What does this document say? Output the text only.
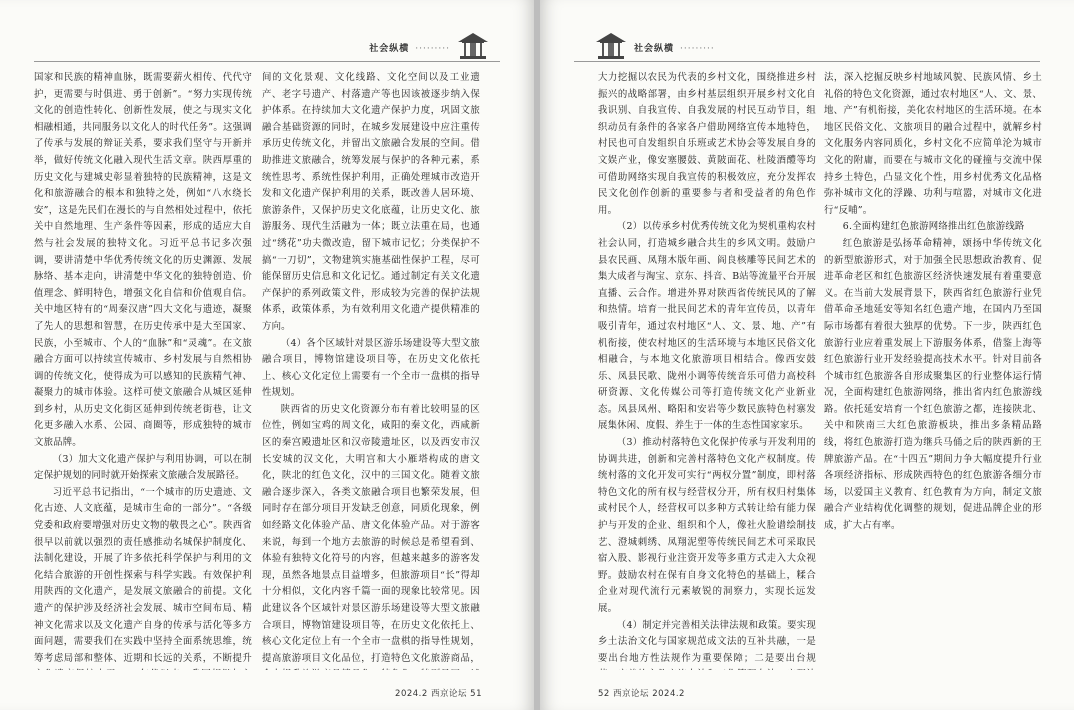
社会纵横 ·········

国家和民族的精神血脉，既需要薪火相传、代代守护，更需要与时俱进、勇于创新”。“努力实现传统文化的创造性转化、创新性发展，使之与现实文化相融相通，共同服务以文化人的时代任务”。这强调了传承与发展的辩证关系，要求我们坚守与开新并举，做好传统文化融入现代生活文章。陕西厚重的历史文化与建城史彰显着独特的民族精神，这是文化和旅游融合的根本和独特之处，例如“八水绕长安”，这是先民们在漫长的与自然相处过程中，依托关中自然地理、生产条件等因素，形成的适应大自然与社会发展的独特文化。习近平总书记多次强调，要讲清楚中华优秀传统文化的历史渊源、发展脉络、基本走向，讲清楚中华文化的独特创造、价值理念、鲜明特色，增强文化自信和价值观自信。关中地区特有的“周秦汉唐”四大文化与遗迹，凝聚了先人的思想和智慧，在历史传承中是大至国家、民族，小至城市、个人的“血脉”和“灵魂”。在文旅融合方面可以持续宣传城市、乡村发展与自然相协调的传统文化，使得成为可以感知的民族精气神、凝聚力的城市体验。这样可使文旅融合从城区延伸到乡村，从历史文化街区延伸到传统老街巷，让文化更多融入水系、公园、商圈等，形成独特的城市文旅品牌。

（3）加大文化遗产保护与利用协调，可以在制定保护规划的同时就开始探索文旅融合发展路径。

习近平总书记指出，“一个城市的历史遗迹、文化古迹、人文底蕴，是城市生命的一部分”。“各级党委和政府要增强对历史文物的敬畏之心”。陕西省很早以前就以强烈的责任感推动名城保护制度化、法制化建设，开展了许多依托科学保护与利用的文化结合旅游的开创性探索与科学实践。有效保护利用陕西的文化遗产，是发展文旅融合的前提。文化遗产的保护涉及经济社会发展、城市空间布局、精神文化需求以及文化遗产自身的传承与活化等多方面问题，需要我们在实践中坚持全面系统思维，统筹考虑局部和整体、近期和长远的关系，不断提升

间的文化景观、文化线路、文化空间以及工业遗产、老字号遗产、村落遗产等也因该被逐步纳入保护体系。在持续加大文化遗产保护力度，巩固文旅融合基础资源的同时，在城乡发展建设中应注重传承历史传统文化，并留出文旅融合发展的空间。借助推进文旅融合，统筹发展与保护的各种元素，系统性思考、系统性保护利用，正确处理城市改造开发和文化遗产保护利用的关系，既改善人居环境、旅游条件，又保护历史文化底蕴，让历史文化、旅游服务、现代生活融为一体；既立法重在局，也通过“绣花”功夫微改造，留下城市记忆；分类保护不搞“一刀切”，文物建筑实施基础性保护工程，尽可能保留历史信息和文化记忆。通过制定有关文化遗产保护的系列政策文件，形成较为完善的保护法规体系，政策体系，为有效利用文化遗产提供精准的方向。

（4）各个区域针对景区游乐场建设等大型文旅融合项目，博物馆建设项目等，在历史文化依托上、核心文化定位上需要有一个全市一盘棋的指导性规划。

陕西省的历史文化资源分布有着比较明显的区位性，例如宝鸡的周文化，咸阳的秦文化，西咸新区的秦宫殿遗址区和汉帝陵遗址区，以及西安市汉长安城的汉文化，大明宫和大小雁塔构成的唐文化，陕北的红色文化，汉中的三国文化。随着文旅融合逐步深入，各类文旅融合项目也繁荣发展，但同时存在部分项目开发缺乏创意，同质化现象，例如经路文化体验产品、唐文化体验产品。对于游客来说，每到一个地方去旅游的时候总是希望看到、体验有独特文化符号的内容，但越来越多的游客发现，虽然各地景点目益增多，但旅游项目“长”得却十分相似，文化内容千篇一面的现象比较常见。因此建议各个区域针对景区游乐场建设等大型文旅融合项目，博物馆建设项目等，在历史文化依托上、核心文化定位上有一个全市一盘棋的指导性规划，提高旅游项目文化品位，打造特色文化旅游商品，

2024.2 西京论坛 51
社会纵横 ·········

大力挖掘以农民为代表的乡村文化，围绕推进乡村振兴的战略部署，由乡村基层组织开展乡村文化自我识别、自我宣传、自我发展的村民互动节目，组织动员有条件的各家各户借助网络宣传本地特色，村民也可自发组织自乐班或艺术协会等发展自身的文娱产业，像安塞腰鼓、黄陂面花、杜陵酒醴等均可借助网络实现自我宣传的积极效应，充分发挥农民文化创作创新的重要参与者和受益者的角色作用。

（2）以传承乡村优秀传统文化为契机重构农村社会认同，打造城乡融合共生的乡风文明。鼓励户县农民画、凤翔木版年画、阎良核雕等民间艺术的集大成者与淘宝、京东、抖音、B站等流量平台开展直播、云合作。增进外界对陕西省传统民风的了解和热情。培育一批民间艺术的青年宣传员，以青年吸引青年，通过农村地区“人、文、景、地、产”有机衔接，使农村地区的生活环境与本地区民俗文化相融合，与本地文化旅游项目相结合。像西安鼓乐、凤县民歌、陇州小调等传统音乐可借力高校科研资源、文化传媒公司等打造传统文化产业新业态。凤县凤州、略阳和安岩等少数民族特色村寨发展集休闲、度假、养生于一体的生态性国家家乐。

（3）推动村落特色文化保护传承与开发利用的协调共进，创新和完善村落特色文化产权制度。传统村落的文化开发可实行“两权分置”制度，即村落特色文化的所有权与经营权分开，所有权归村集体或村民个人，经营权可以多种方式转让给有能力保护与开发的企业、组织和个人，像社火脸谱绘制技艺、澄城刺绣、凤翔泥塑等传统民间艺术可采取民宿入股、影视行业注资开发等多重方式走入大众视野。鼓励农村在保有自身文化特色的基础上，糅合企业对现代流行元素敏锐的洞察力，实现长远发展。

（4）制定并完善相关法律法规和政策。要实现乡土法治文化与国家规范成文法的互补共融，一是要出台地方性法规作为重要保障；二是要出台规

法，深入挖掘反映乡村地域风貌、民族风情、乡土礼俗的特色文化资源，通过农村地区“人、文、景、地、产”有机衔接，美化农村地区的生活环境。在本地区民俗文化、文旅项目的融合过程中，就解乡村文化服务内容同质化，乡村文化不应简单沦为城市文化的附庸，而要在与城市文化的碰撞与交流中保持乡土特色，凸显文化个性，用乡村优秀文化品格弥补城市文化的浮躁、功利与喧嚣，对城市文化进行“反哺”。

6.全面构建红色旅游网络推出红色旅游线路

红色旅游是弘扬革命精神，颂扬中华传统文化的新型旅游形式，对于加强全民思想政治教育、促进革命老区和红色旅游区经济快速发展有着重要意义。在当前大发展背景下，陕西省红色旅游行业凭借革命圣地延安等知名红色遗产地，在国内乃至国际市场都有着很大独厚的优势。下一步，陕西红色旅游行业应着重发展上下游服务体系，借鉴上海等红色旅游行业开发经验提高技术水平。针对目前各个城市红色旅游各自形成聚集区的行业整体运行情况，全面构建红色旅游网络，推出省内红色旅游线路。依托延安培育一个红色旅游之都，连接陕北、关中和陕南三大红色旅游板块，推出多条精品路线，将红色旅游打造为继兵马俑之后的陕西新的王牌旅游产品。在“十四五”期间力争大幅度提升行业各项经济指标、形成陕西特色的红色旅游各细分市场，以爱国主义教育、红色教育为方向，制定文旅融合产业结构优化调整的规划，促进品牌企业的形成，扩大占有率。

52 西京论坛 2024.2
